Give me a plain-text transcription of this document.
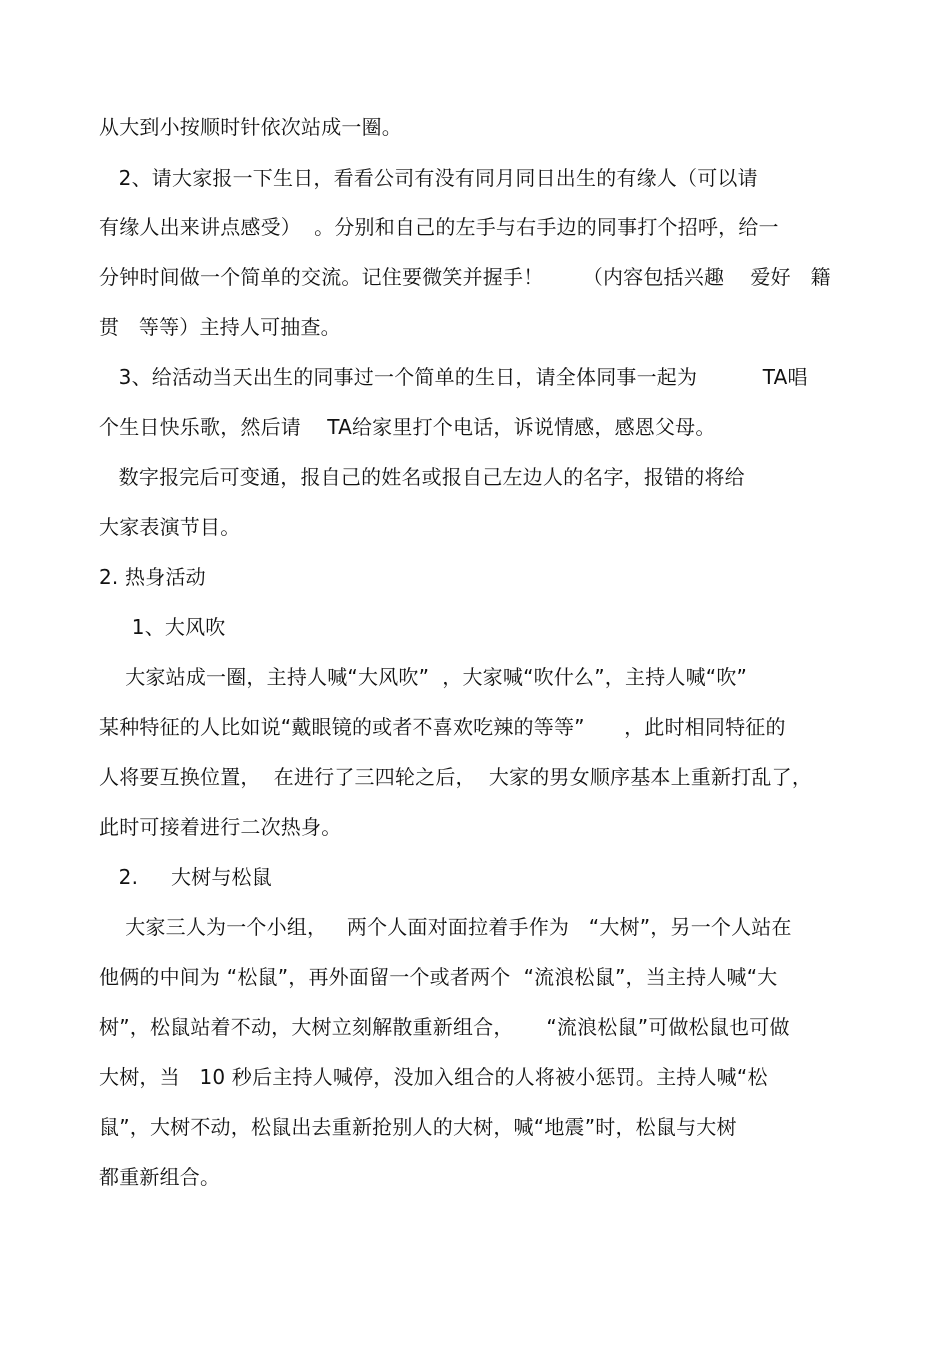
从大到小按顺时针依次站成一圈。
2、请大家报一下生日，看看公司有没有同月同日出生的有缘人（可以请
有缘人出来讲点感受）  。分别和自己的左手与右手边的同事打个招呼，给一
分钟时间做一个简单的交流。记住要微笑并握手！      （内容包括兴趣    爱好   籍
贯   等等）主持人可抽查。
3、给活动当天出生的同事过一个简单的生日，请全体同事一起为          TA唱
个生日快乐歌，然后请    TA给家里打个电话，诉说情感，感恩父母。
数字报完后可变通，报自己的姓名或报自己左边人的名字，报错的将给
大家表演节目。
2. 热身活动
1、大风吹
大家站成一圈，主持人喊“大风吹”  ，大家喊“吹什么”，主持人喊“吹”
某种特征的人比如说“戴眼镜的或者不喜欢吃辣的等等”      ，此时相同特征的
人将要互换位置，  在进行了三四轮之后，  大家的男女顺序基本上重新打乱了，
此时可接着进行二次热身。
2.     大树与松鼠
大家三人为一个小组，   两个人面对面拉着手作为   “大树”，另一个人站在
他俩的中间为 “松鼠”，再外面留一个或者两个  “流浪松鼠”，当主持人喊“大
树”，松鼠站着不动，大树立刻解散重新组合，     “流浪松鼠”可做松鼠也可做
大树，当   10 秒后主持人喊停，没加入组合的人将被小惩罚。主持人喊“松
鼠”，大树不动，松鼠出去重新抢别人的大树，喊“地震”时，松鼠与大树
都重新组合。
